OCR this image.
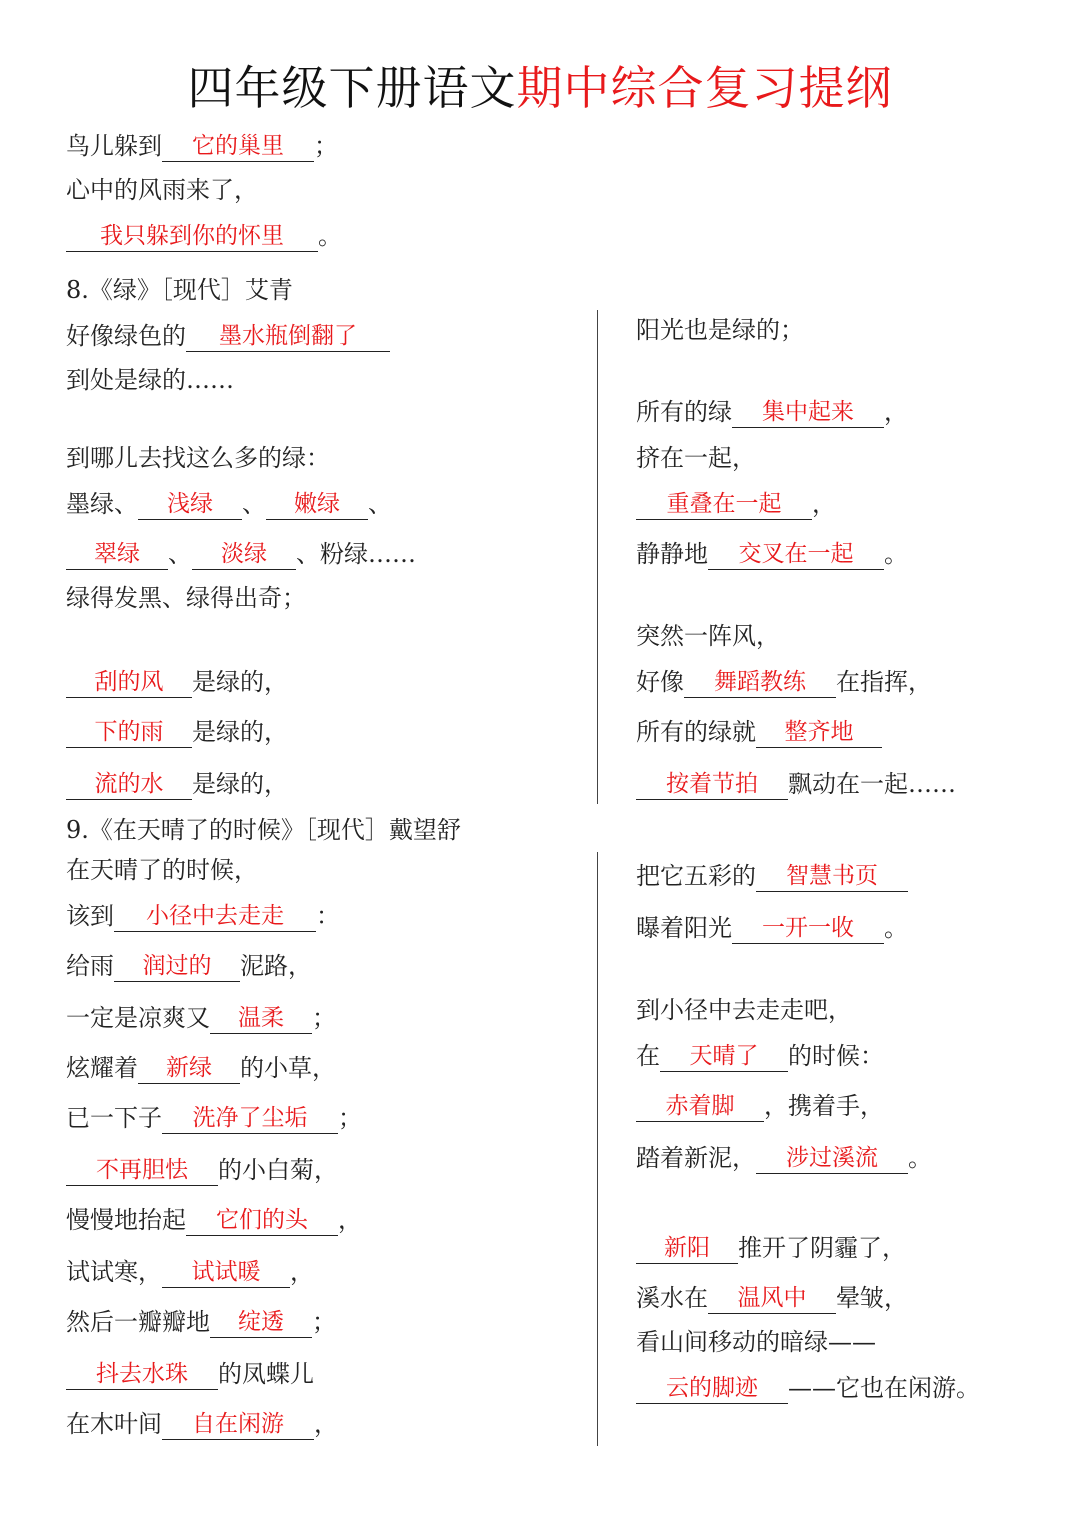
四年级下册语文期中综合复习提纲
鸟儿躲到 它的巢里 ；
心中的风雨来了，
我只躲到你的怀里 。
8.《绿》［现代］艾青
好像绿色的 墨水瓶倒翻了
到处是绿的……
到哪儿去找这么多的绿：
墨绿、 浅绿 、 嫩绿 、
翠绿 、 淡绿 、粉绿……
绿得发黑、绿得出奇；
刮的风 是绿的，
下的雨 是绿的，
流的水 是绿的，
阳光也是绿的；
所有的绿 集中起来 ，
挤在一起，
重叠在一起 ，
静静地 交叉在一起 。
突然一阵风，
好像 舞蹈教练 在指挥，
所有的绿就 整齐地
按着节拍 飘动在一起……
9.《在天晴了的时候》［现代］戴望舒
在天晴了的时候，
该到 小径中去走走 ：
给雨 润过的 泥路，
一定是凉爽又 温柔 ；
炫耀着 新绿 的小草，
已一下子 洗净了尘垢 ；
不再胆怯 的小白菊，
慢慢地抬起 它们的头 ，
试试寒， 试试暖 ，
然后一瓣瓣地 绽透 ；
抖去水珠 的凤蝶儿
在木叶间 自在闲游 ，
把它五彩的 智慧书页
曝着阳光 一开一收 。
到小径中去走走吧，
在 天晴了 的时候：
赤着脚 ，携着手，
踏着新泥， 涉过溪流 。
新阳 推开了阴霾了，
溪水在 温风中 晕皱，
看山间移动的暗绿——
云的脚迹 ——它也在闲游。
